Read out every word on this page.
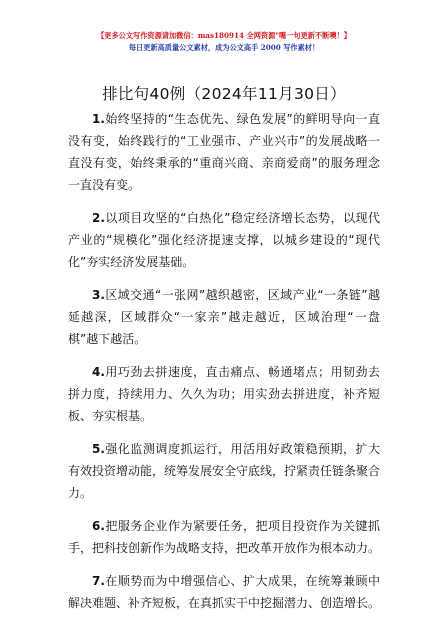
【更多公文写作资源请加微信：mas180914 全网资源"嘴一句更新不断噢！】
每日更新高质量公文素材，成为公文高手 2000 写作素材！
排比句40例（2024年11月30日）

1.始终坚持的“生态优先、绿色发展”的鲜明导向一直没有变，始终践行的“工业强市、产业兴市”的发展战略一直没有变，始终秉承的“重商兴商、亲商爱商”的服务理念一直没有变。

2.以项目攻坚的“白热化”稳定经济增长态势，以现代产业的“规模化”强化经济提速支撑，以城乡建设的“现代化”夯实经济发展基础。

3.区域交通“一张网”越织越密，区域产业“一条链”越延越深，区域群众“一家亲”越走越近，区域治理“一盘棋”越下越活。

4.用巧劲去拼速度，直击痛点、畅通堵点；用韧劲去拼力度，持续用力、久久为功；用实劲去拼进度，补齐短板、夯实根基。

5.强化监测调度抓运行，用活用好政策稳预期，扩大有效投资增动能，统筹发展安全守底线，拧紧责任链条聚合力。

6.把服务企业作为紧要任务，把项目投资作为关键抓手，把科技创新作为战略支持，把改革开放作为根本动力。

7.在顺势而为中增强信心、扩大成果，在统筹兼顾中解决难题、补齐短板，在真抓实干中挖掘潜力、创造增长。
